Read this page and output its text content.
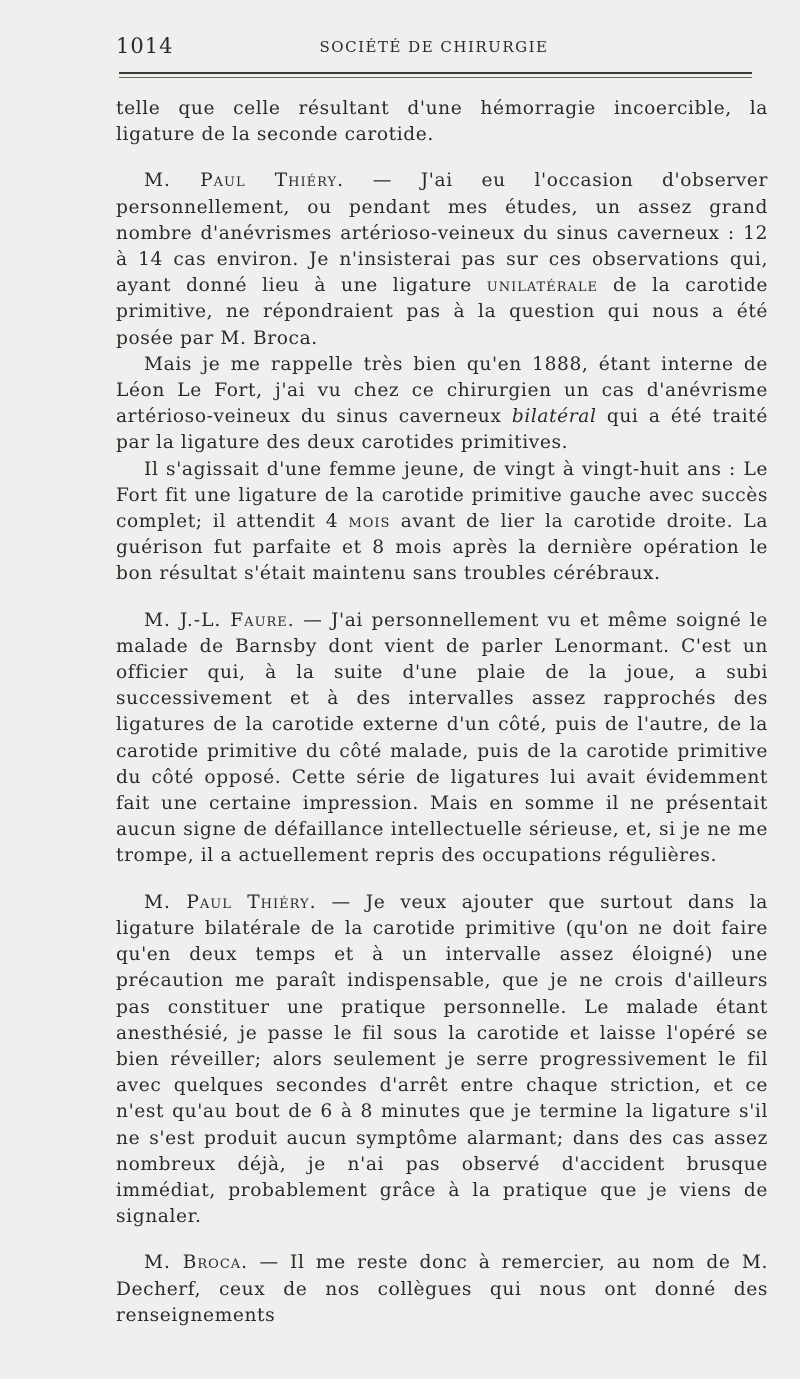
1014	SOCIÉTÉ DE CHIRURGIE

telle que celle résultant d'une hémorragie incoercible, la ligature de la seconde carotide.

M. Paul Thiéry. — J'ai eu l'occasion d'observer personnellement, ou pendant mes études, un assez grand nombre d'anévrismes artérioso-veineux du sinus caverneux : 12 à 14 cas environ. Je n'insisterai pas sur ces observations qui, ayant donné lieu à une ligature unilatérale de la carotide primitive, ne répondraient pas à la question qui nous a été posée par M. Broca.

Mais je me rappelle très bien qu'en 1888, étant interne de Léon Le Fort, j'ai vu chez ce chirurgien un cas d'anévrisme artérioso-veineux du sinus caverneux bilatéral qui a été traité par la ligature des deux carotides primitives.

Il s'agissait d'une femme jeune, de vingt à vingt-huit ans : Le Fort fit une ligature de la carotide primitive gauche avec succès complet; il attendit 4 mois avant de lier la carotide droite. La guérison fut parfaite et 8 mois après la dernière opération le bon résultat s'était maintenu sans troubles cérébraux.

M. J.-L. Faure. — J'ai personnellement vu et même soigné le malade de Barnsby dont vient de parler Lenormant. C'est un officier qui, à la suite d'une plaie de la joue, a subi successivement et à des intervalles assez rapprochés des ligatures de la carotide externe d'un côté, puis de l'autre, de la carotide primitive du côté malade, puis de la carotide primitive du côté opposé. Cette série de ligatures lui avait évidemment fait une certaine impression. Mais en somme il ne présentait aucun signe de défaillance intellectuelle sérieuse, et, si je ne me trompe, il a actuellement repris des occupations régulières.

M. Paul Thiéry. — Je veux ajouter que surtout dans la ligature bilatérale de la carotide primitive (qu'on ne doit faire qu'en deux temps et à un intervalle assez éloigné) une précaution me paraît indispensable, que je ne crois d'ailleurs pas constituer une pratique personnelle. Le malade étant anesthésié, je passe le fil sous la carotide et laisse l'opéré se bien réveiller; alors seulement je serre progressivement le fil avec quelques secondes d'arrêt entre chaque striction, et ce n'est qu'au bout de 6 à 8 minutes que je termine la ligature s'il ne s'est produit aucun symptôme alarmant; dans des cas assez nombreux déjà, je n'ai pas observé d'accident brusque immédiat, probablement grâce à la pratique que je viens de signaler.

M. Broca. — Il me reste donc à remercier, au nom de M. Decherf, ceux de nos collègues qui nous ont donné des renseignements
